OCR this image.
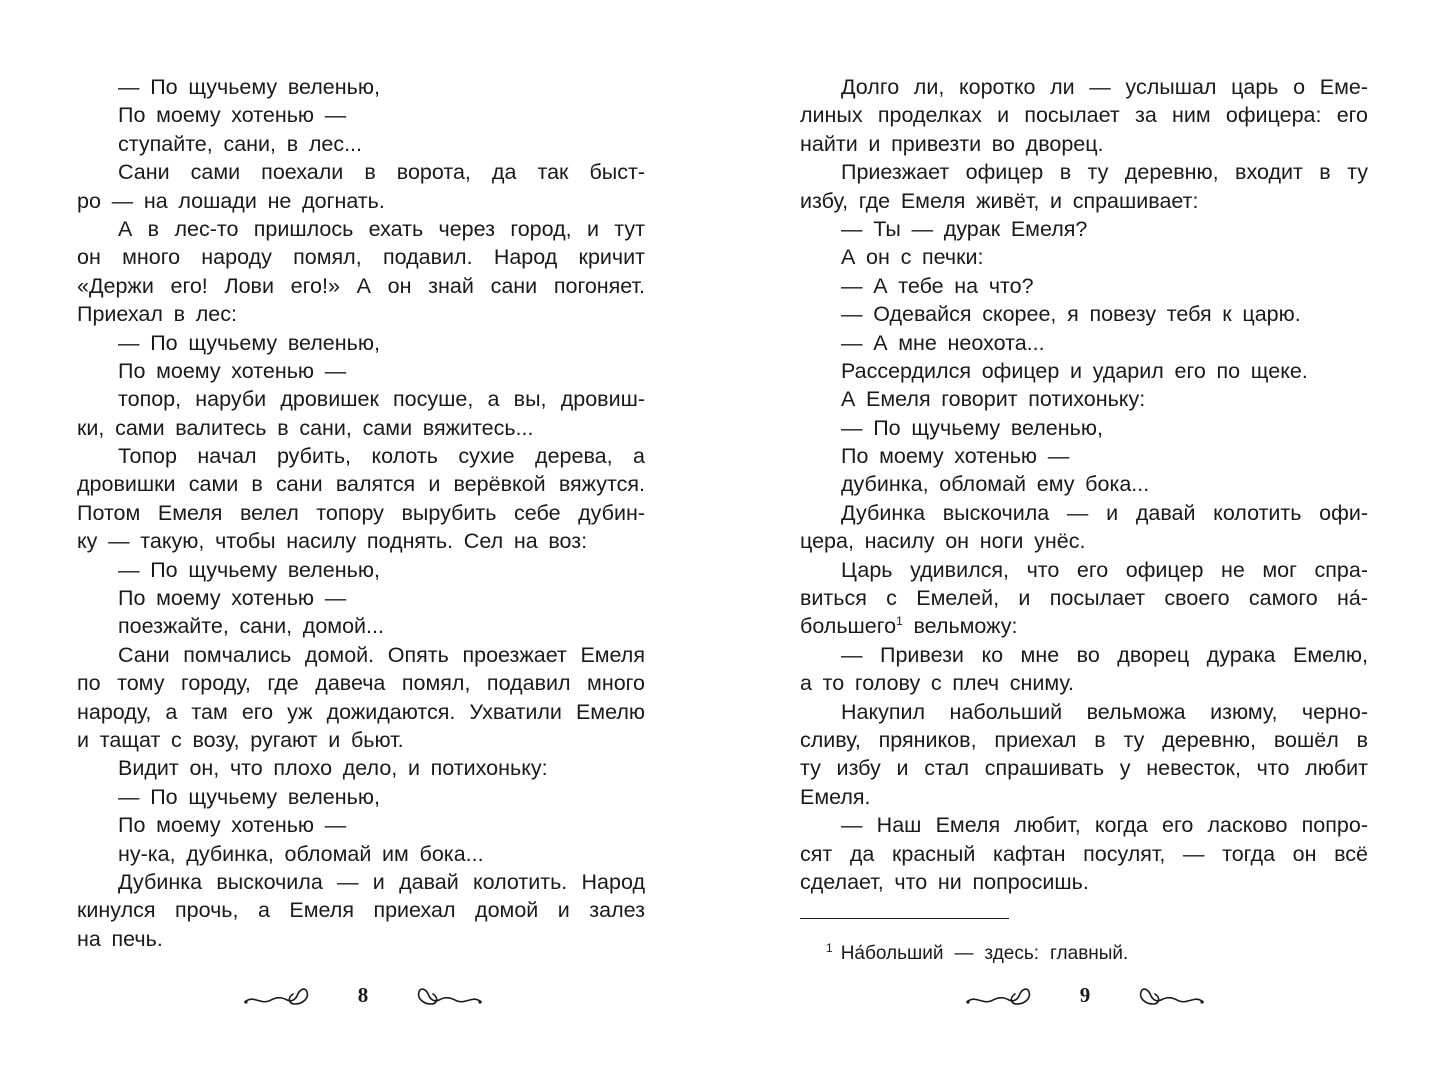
— По щучьему веленью,
По моему хотенью —
ступайте, сани, в лес...
Сани сами поехали в ворота, да так быст-
ро — на лошади не догнать.
А в лес-то пришлось ехать через город, и тут
он много народу помял, подавил. Народ кричит
«Держи его! Лови его!» А он знай сани погоняет.
Приехал в лес:
— По щучьему веленью,
По моему хотенью —
топор, наруби дровишек посуше, а вы, дровиш-
ки, сами валитесь в сани, сами вяжитесь...
Топор начал рубить, колоть сухие дерева, а
дровишки сами в сани валятся и верёвкой вяжутся.
Потом Емеля велел топору вырубить себе дубин-
ку — такую, чтобы насилу поднять. Сел на воз:
— По щучьему веленью,
По моему хотенью —
поезжайте, сани, домой...
Сани помчались домой. Опять проезжает Емеля
по тому городу, где давеча помял, подавил много
народу, а там его уж дожидаются. Ухватили Емелю
и тащат с возу, ругают и бьют.
Видит он, что плохо дело, и потихоньку:
— По щучьему веленью,
По моему хотенью —
ну-ка, дубинка, обломай им бока...
Дубинка выскочила — и давай колотить. Народ
кинулся прочь, а Емеля приехал домой и залез
на печь.
Долго ли, коротко ли — услышал царь о Еме-
линых проделках и посылает за ним офицера: его
найти и привезти во дворец.
Приезжает офицер в ту деревню, входит в ту
избу, где Емеля живёт, и спрашивает:
— Ты — дурак Емеля?
А он с печки:
— А тебе на что?
— Одевайся скорее, я повезу тебя к царю.
— А мне неохота...
Рассердился офицер и ударил его по щеке.
А Емеля говорит потихоньку:
— По щучьему веленью,
По моему хотенью —
дубинка, обломай ему бока...
Дубинка выскочила — и давай колотить офи-
цера, насилу он ноги унёс.
Царь удивился, что его офицер не мог спра-
виться с Емелей, и посылает своего самого на́-
большего$^1$ вельможу:
— Привези ко мне во дворец дурака Емелю,
а то голову с плеч сниму.
Накупил набольший вельможа изюму, черно-
сливу, пряников, приехал в ту деревню, вошёл в
ту избу и стал спрашивать у невесток, что любит
Емеля.
— Наш Емеля любит, когда его ласково попро-
сят да красный кафтан посулят, — тогда он всё
сделает, что ни попросишь.
$^1$ На́больший — здесь: главный.
8	9
